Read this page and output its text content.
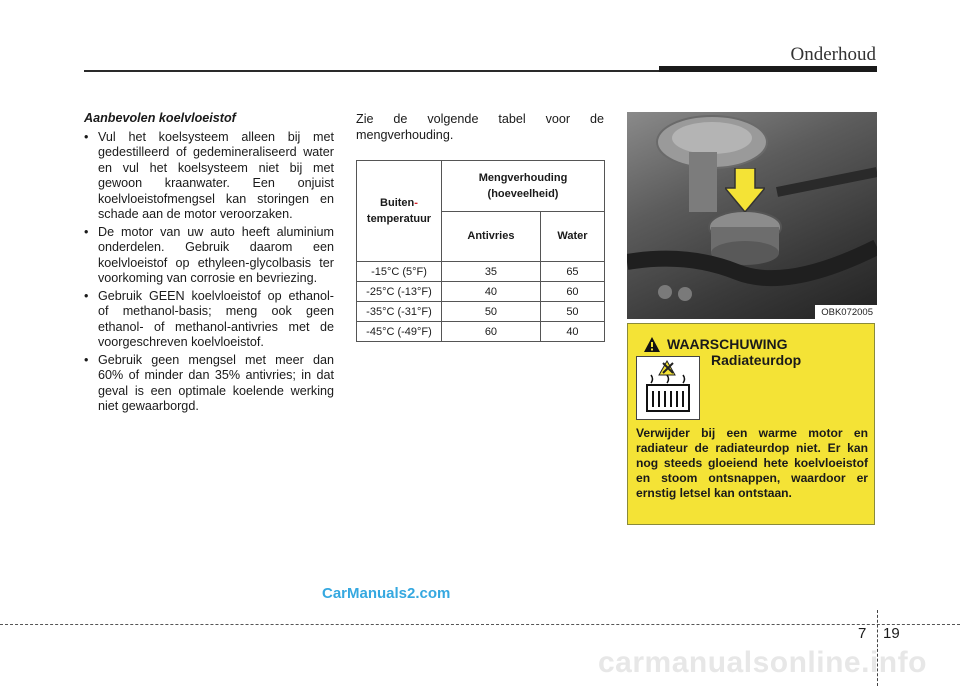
Onderhoud
Aanbevolen koelvloeistof
• Vul het koelsysteem alleen bij met gedestilleerd of gedemineraliseerd water en vul het koelsysteem niet bij met gewoon kraanwater. Een onjuist koelvloeistofmengsel kan storingen en schade aan de motor veroorzaken.
• De motor van uw auto heeft aluminium onderdelen. Gebruik daarom een koelvloeistof op ethyleen-glycolbasis ter voorkoming van corrosie en bevriezing.
• Gebruik GEEN koelvloeistof op ethanol- of methanol-basis; meng ook geen ethanol- of methanol-antivries met de voorgeschreven koelvloeistof.
• Gebruik geen mengsel met meer dan 60% of minder dan 35% antivries; in dat geval is een optimale koelende werking niet gewaarborgd.
Zie de volgende tabel voor de mengverhouding.
Buiten-
temperatuur	Mengverhouding
(hoeveelheid)	
	Antivries	Water
-15°C (5°F)	35	65
-25°C (-13°F)	40	60
-35°C (-31°F)	50	50
-45°C (-49°F)	60	40
OBK072005
WAARSCHUWING
Radiateurdop
Verwijder bij een warme motor en radiateur de radiateurdop niet. Er kan nog steeds gloeiend hete koelvloeistof en stoom ontsnappen, waardoor er ernstig letsel kan ontstaan.
CarManuals2.com
7 19
carmanualsonline.info
